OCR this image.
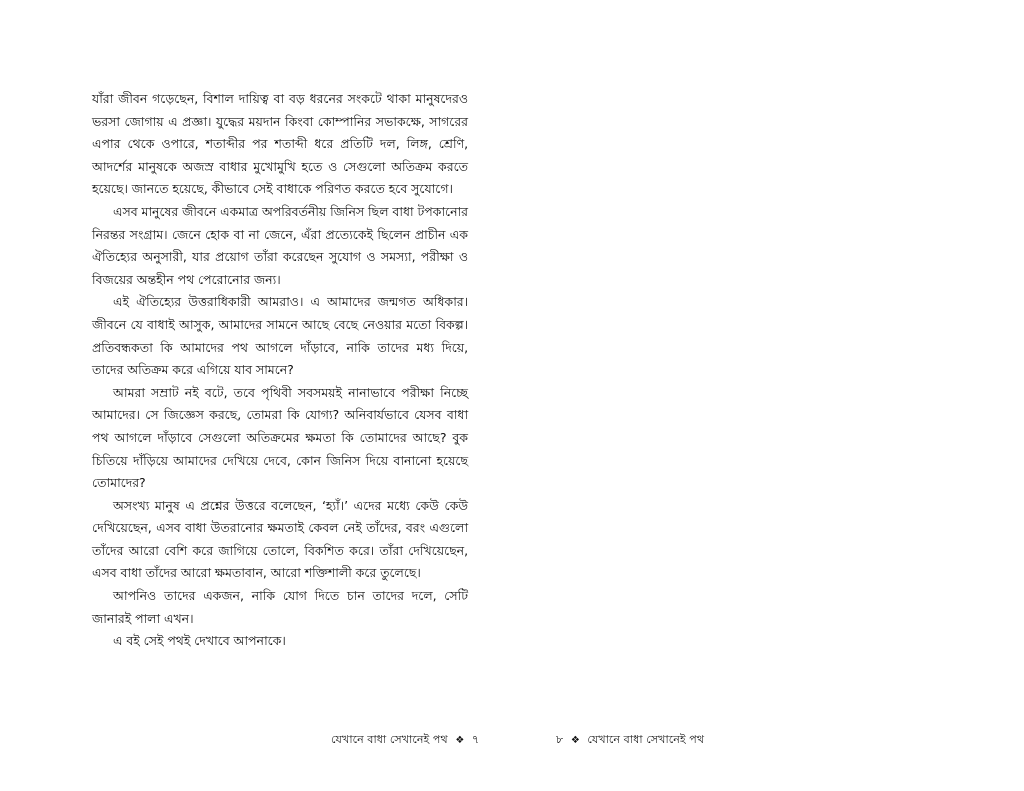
যাঁরা জীবন গড়েছেন, বিশাল দায়িত্ব বা বড় ধরনের সংকটে থাকা মানুষদেরও ভরসা জোগায় এ প্রজ্ঞা। যুদ্ধের ময়দান কিংবা কোম্পানির সভাকক্ষে, সাগরের এপার থেকে ওপারে, শতাব্দীর পর শতাব্দী ধরে প্রতিটি দল, লিঙ্গ, শ্রেণি, আদর্শের মানুষকে অজস্র বাধার মুখোমুখি হতে ও সেগুলো অতিক্রম করতে হয়েছে। জানতে হয়েছে, কীভাবে সেই বাধাকে পরিণত করতে হবে সুযোগে।

এসব মানুষের জীবনে একমাত্র অপরিবর্তনীয় জিনিস ছিল বাধা টপকানোর নিরন্তর সংগ্রাম। জেনে হোক বা না জেনে, এঁরা প্রত্যেকেই ছিলেন প্রাচীন এক ঐতিহ্যের অনুসারী, যার প্রয়োগ তাঁরা করেছেন সুযোগ ও সমস্যা, পরীক্ষা ও বিজয়ের অন্তহীন পথ পেরোনোর জন্য।

এই ঐতিহ্যের উত্তরাধিকারী আমরাও। এ আমাদের জন্মগত অধিকার। জীবনে যে বাধাই আসুক, আমাদের সামনে আছে বেছে নেওয়ার মতো বিকল্প। প্রতিবন্ধকতা কি আমাদের পথ আগলে দাঁড়াবে, নাকি তাদের মধ্য দিয়ে, তাদের অতিক্রম করে এগিয়ে যাব সামনে?

আমরা সম্রাট নই বটে, তবে পৃথিবী সবসময়ই নানাভাবে পরীক্ষা নিচ্ছে আমাদের। সে জিজ্ঞেস করছে, তোমরা কি যোগ্য? অনিবার্যভাবে যেসব বাধা পথ আগলে দাঁড়াবে সেগুলো অতিক্রমের ক্ষমতা কি তোমাদের আছে? বুক চিতিয়ে দাঁড়িয়ে আমাদের দেখিয়ে দেবে, কোন জিনিস দিয়ে বানানো হয়েছে তোমাদের?

অসংখ্য মানুষ এ প্রশ্নের উত্তরে বলেছেন, ‘হ্যাঁ।’ এদের মধ্যে কেউ কেউ দেখিয়েছেন, এসব বাধা উতরানোর ক্ষমতাই কেবল নেই তাঁদের, বরং এগুলো তাঁদের আরো বেশি করে জাগিয়ে তোলে, বিকশিত করে। তাঁরা দেখিয়েছেন, এসব বাধা তাঁদের আরো ক্ষমতাবান, আরো শক্তিশালী করে তুলেছে।

আপনিও তাদের একজন, নাকি যোগ দিতে চান তাদের দলে, সেটি জানারই পালা এখন।

এ বই সেই পথই দেখাবে আপনাকে।

যেখানে বাধা সেখানেই পথ ❖ ৭	৮ ❖ যেখানে বাধা সেখানেই পথ
